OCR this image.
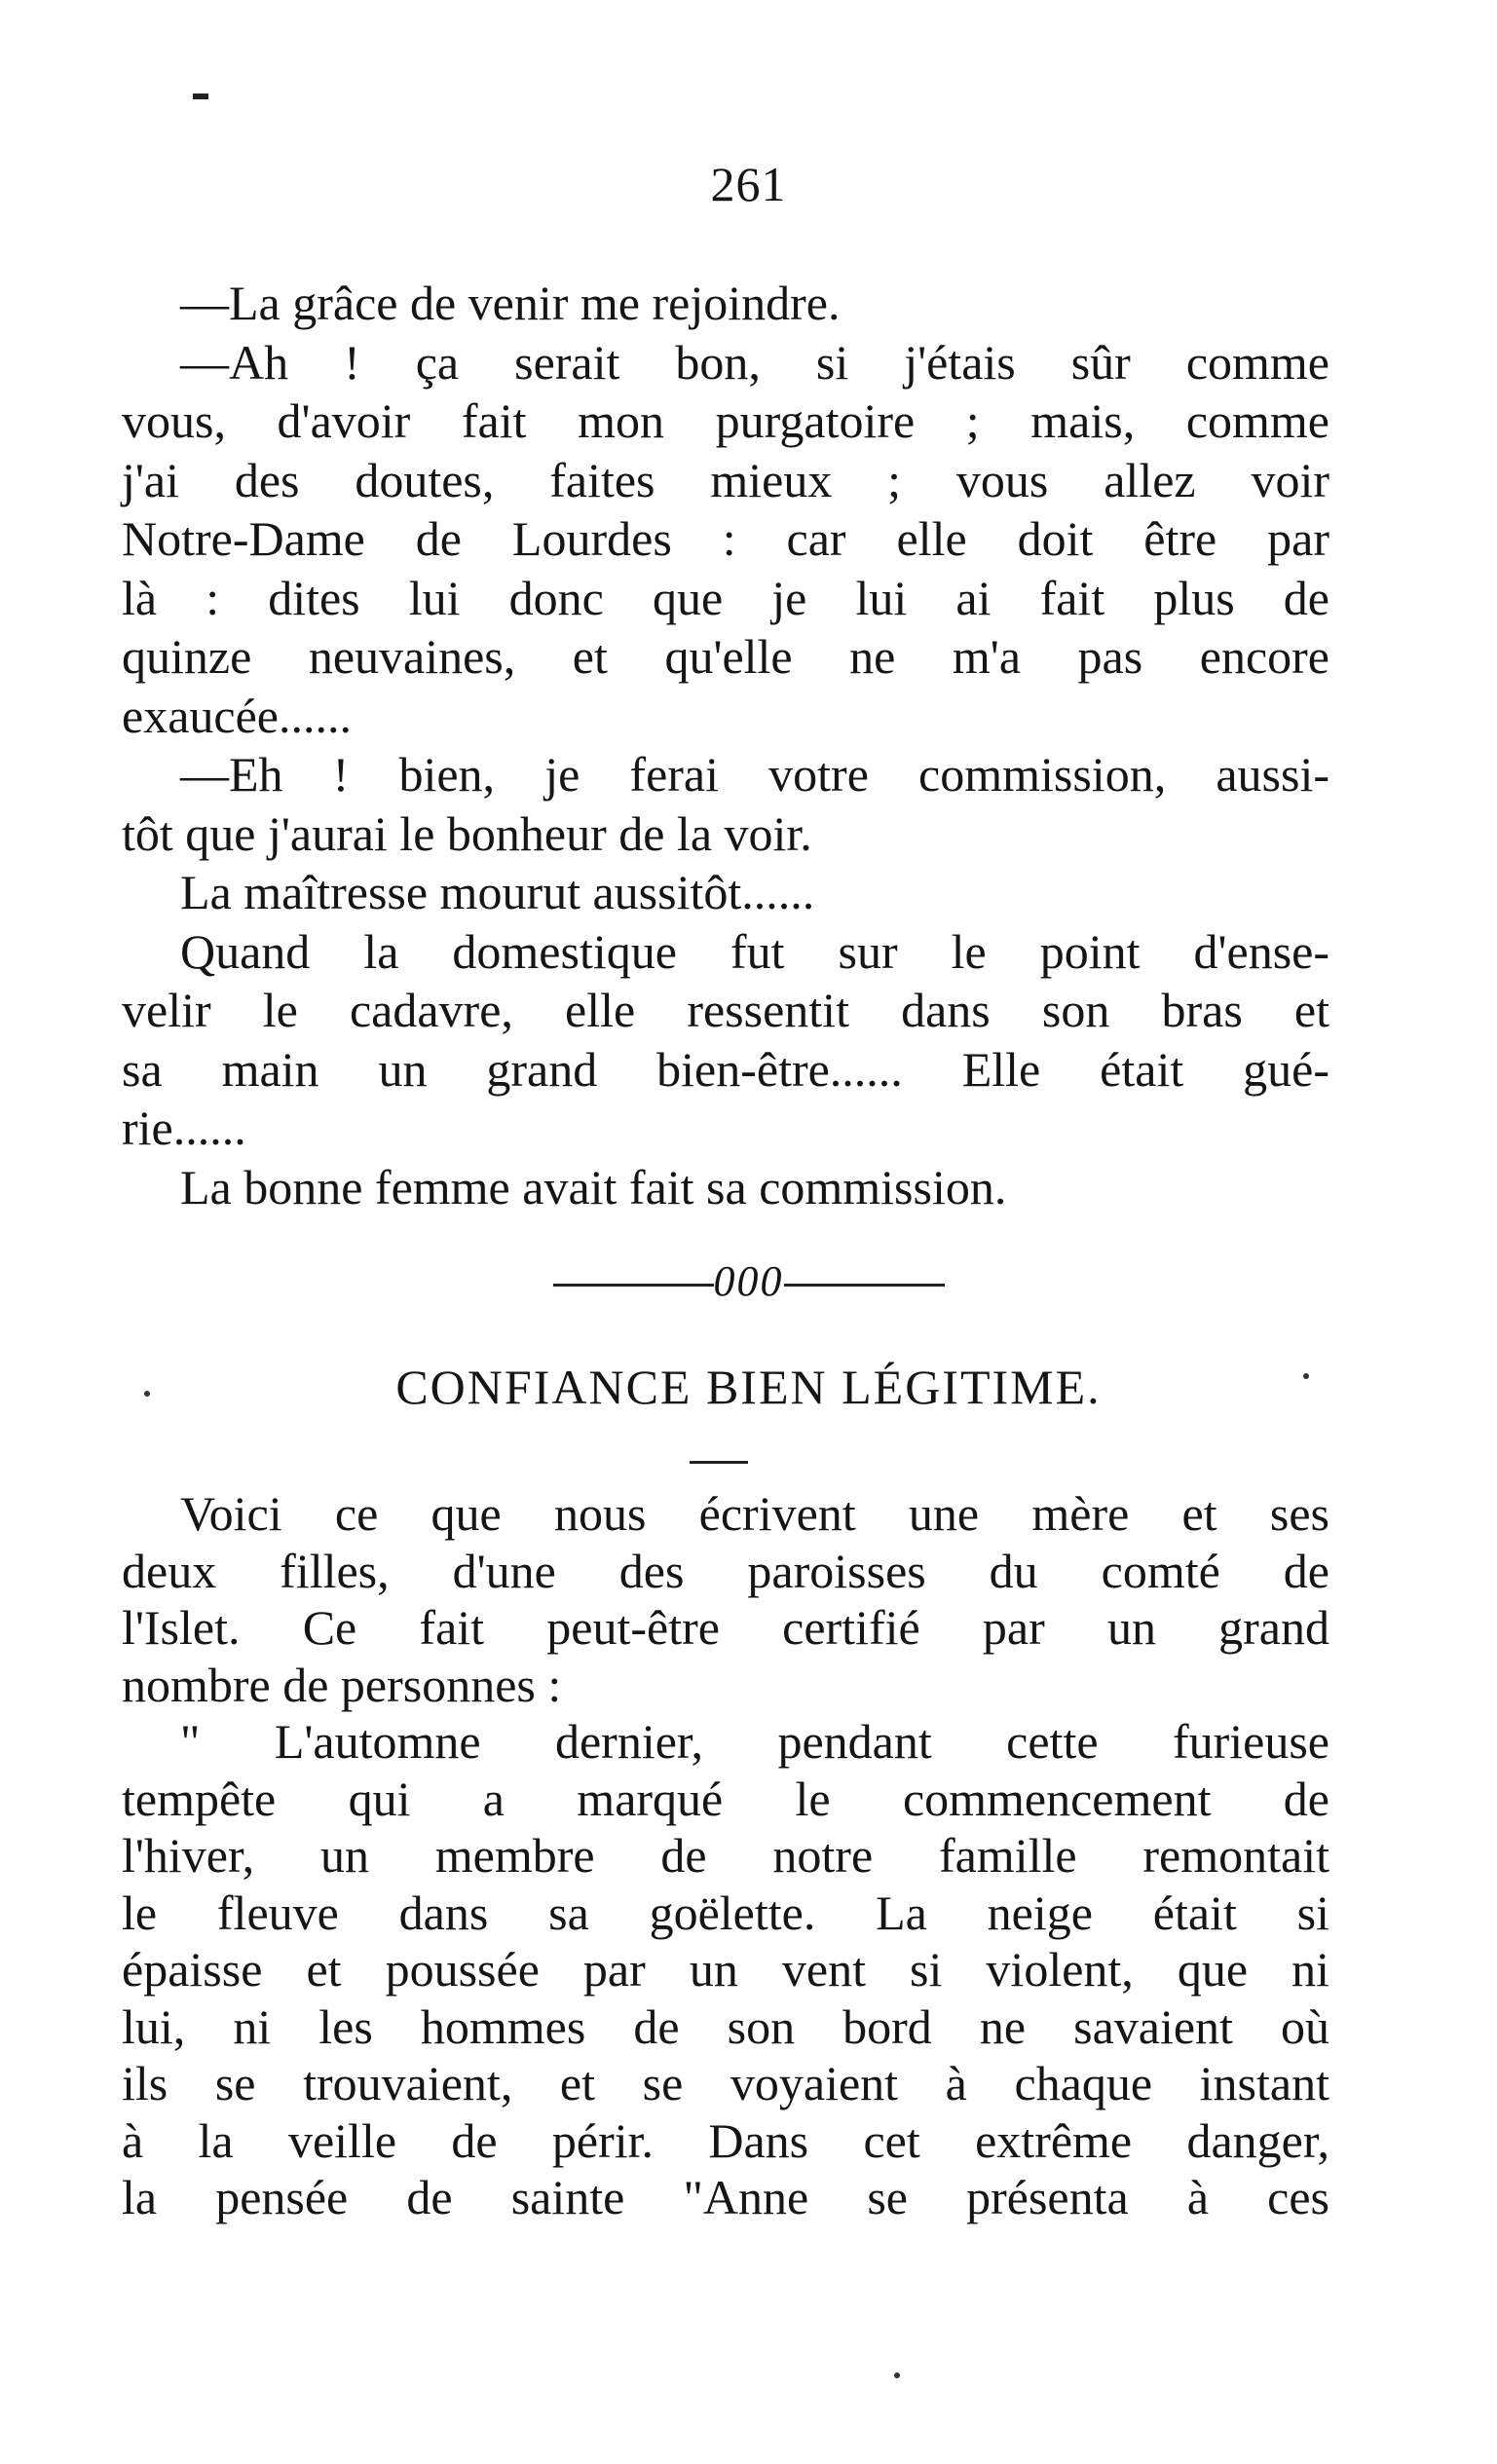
261
—La grâce de venir me rejoindre.
—Ah ! ça serait bon, si j'étais sûr comme
vous, d'avoir fait mon purgatoire ; mais, comme
j'ai des doutes, faites mieux ; vous allez voir
Notre-Dame de Lourdes : car elle doit être par
là : dites lui donc que je lui ai fait plus de
quinze neuvaines, et qu'elle ne m'a pas encore
exaucée......
—Eh ! bien, je ferai votre commission, aussi-
tôt que j'aurai le bonheur de la voir.
La maîtresse mourut aussitôt......
Quand la domestique fut sur le point d'ense-
velir le cadavre, elle ressentit dans son bras et
sa main un grand bien-être...... Elle était gué-
rie......
La bonne femme avait fait sa commission.
000
CONFIANCE BIEN LÉGITIME.
Voici ce que nous écrivent une mère et ses
deux filles, d'une des paroisses du comté de
l'Islet. Ce fait peut-être certifié par un grand
nombre de personnes :
" L'automne dernier, pendant cette furieuse
tempête qui a marqué le commencement de
l'hiver, un membre de notre famille remontait
le fleuve dans sa goëlette. La neige était si
épaisse et poussée par un vent si violent, que ni
lui, ni les hommes de son bord ne savaient où
ils se trouvaient, et se voyaient à chaque instant
à la veille de périr. Dans cet extrême danger,
la pensée de sainte "Anne se présenta à ces
